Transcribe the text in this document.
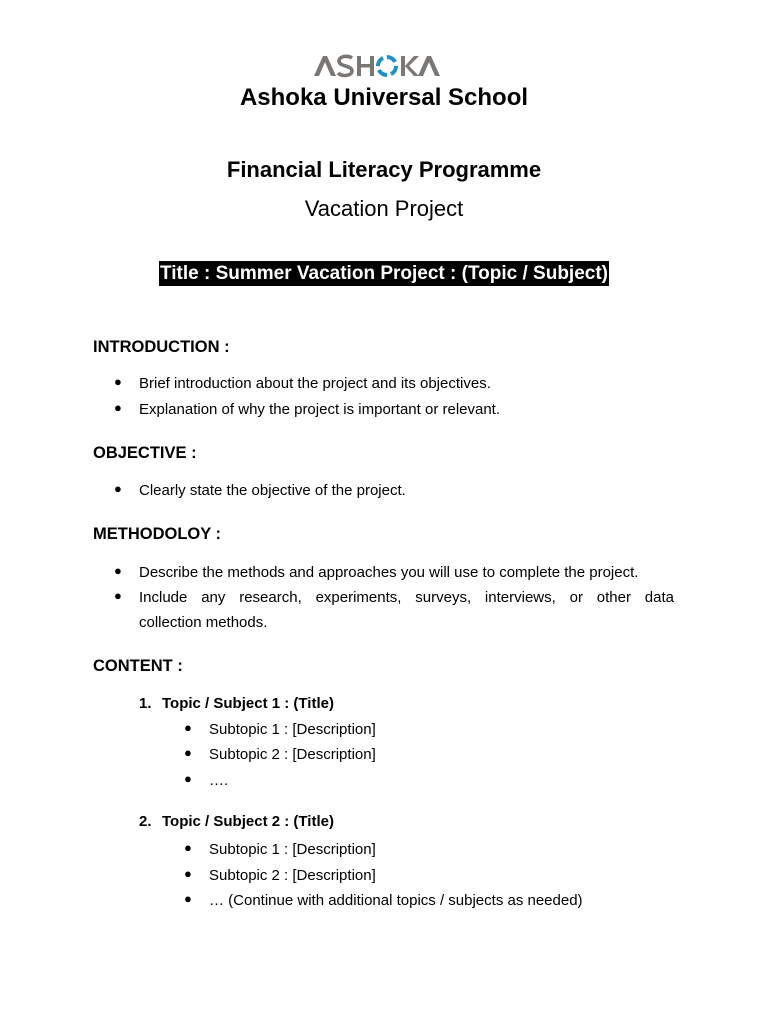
Ashoka Universal School
Financial Literacy Programme
Vacation Project
Title : Summer Vacation Project : (Topic / Subject)
INTRODUCTION :
● Brief introduction about the project and its objectives.
● Explanation of why the project is important or relevant.
OBJECTIVE :
● Clearly state the objective of the project.
METHODOLOY :
● Describe the methods and approaches you will use to complete the project.
● Include any research, experiments, surveys, interviews, or other data
collection methods.
CONTENT :
1. Topic / Subject 1 : (Title)
● Subtopic 1 : [Description]
● Subtopic 2 : [Description]
● ….
2. Topic / Subject 2 : (Title)
● Subtopic 1 : [Description]
● Subtopic 2 : [Description]
● … (Continue with additional topics / subjects as needed)
